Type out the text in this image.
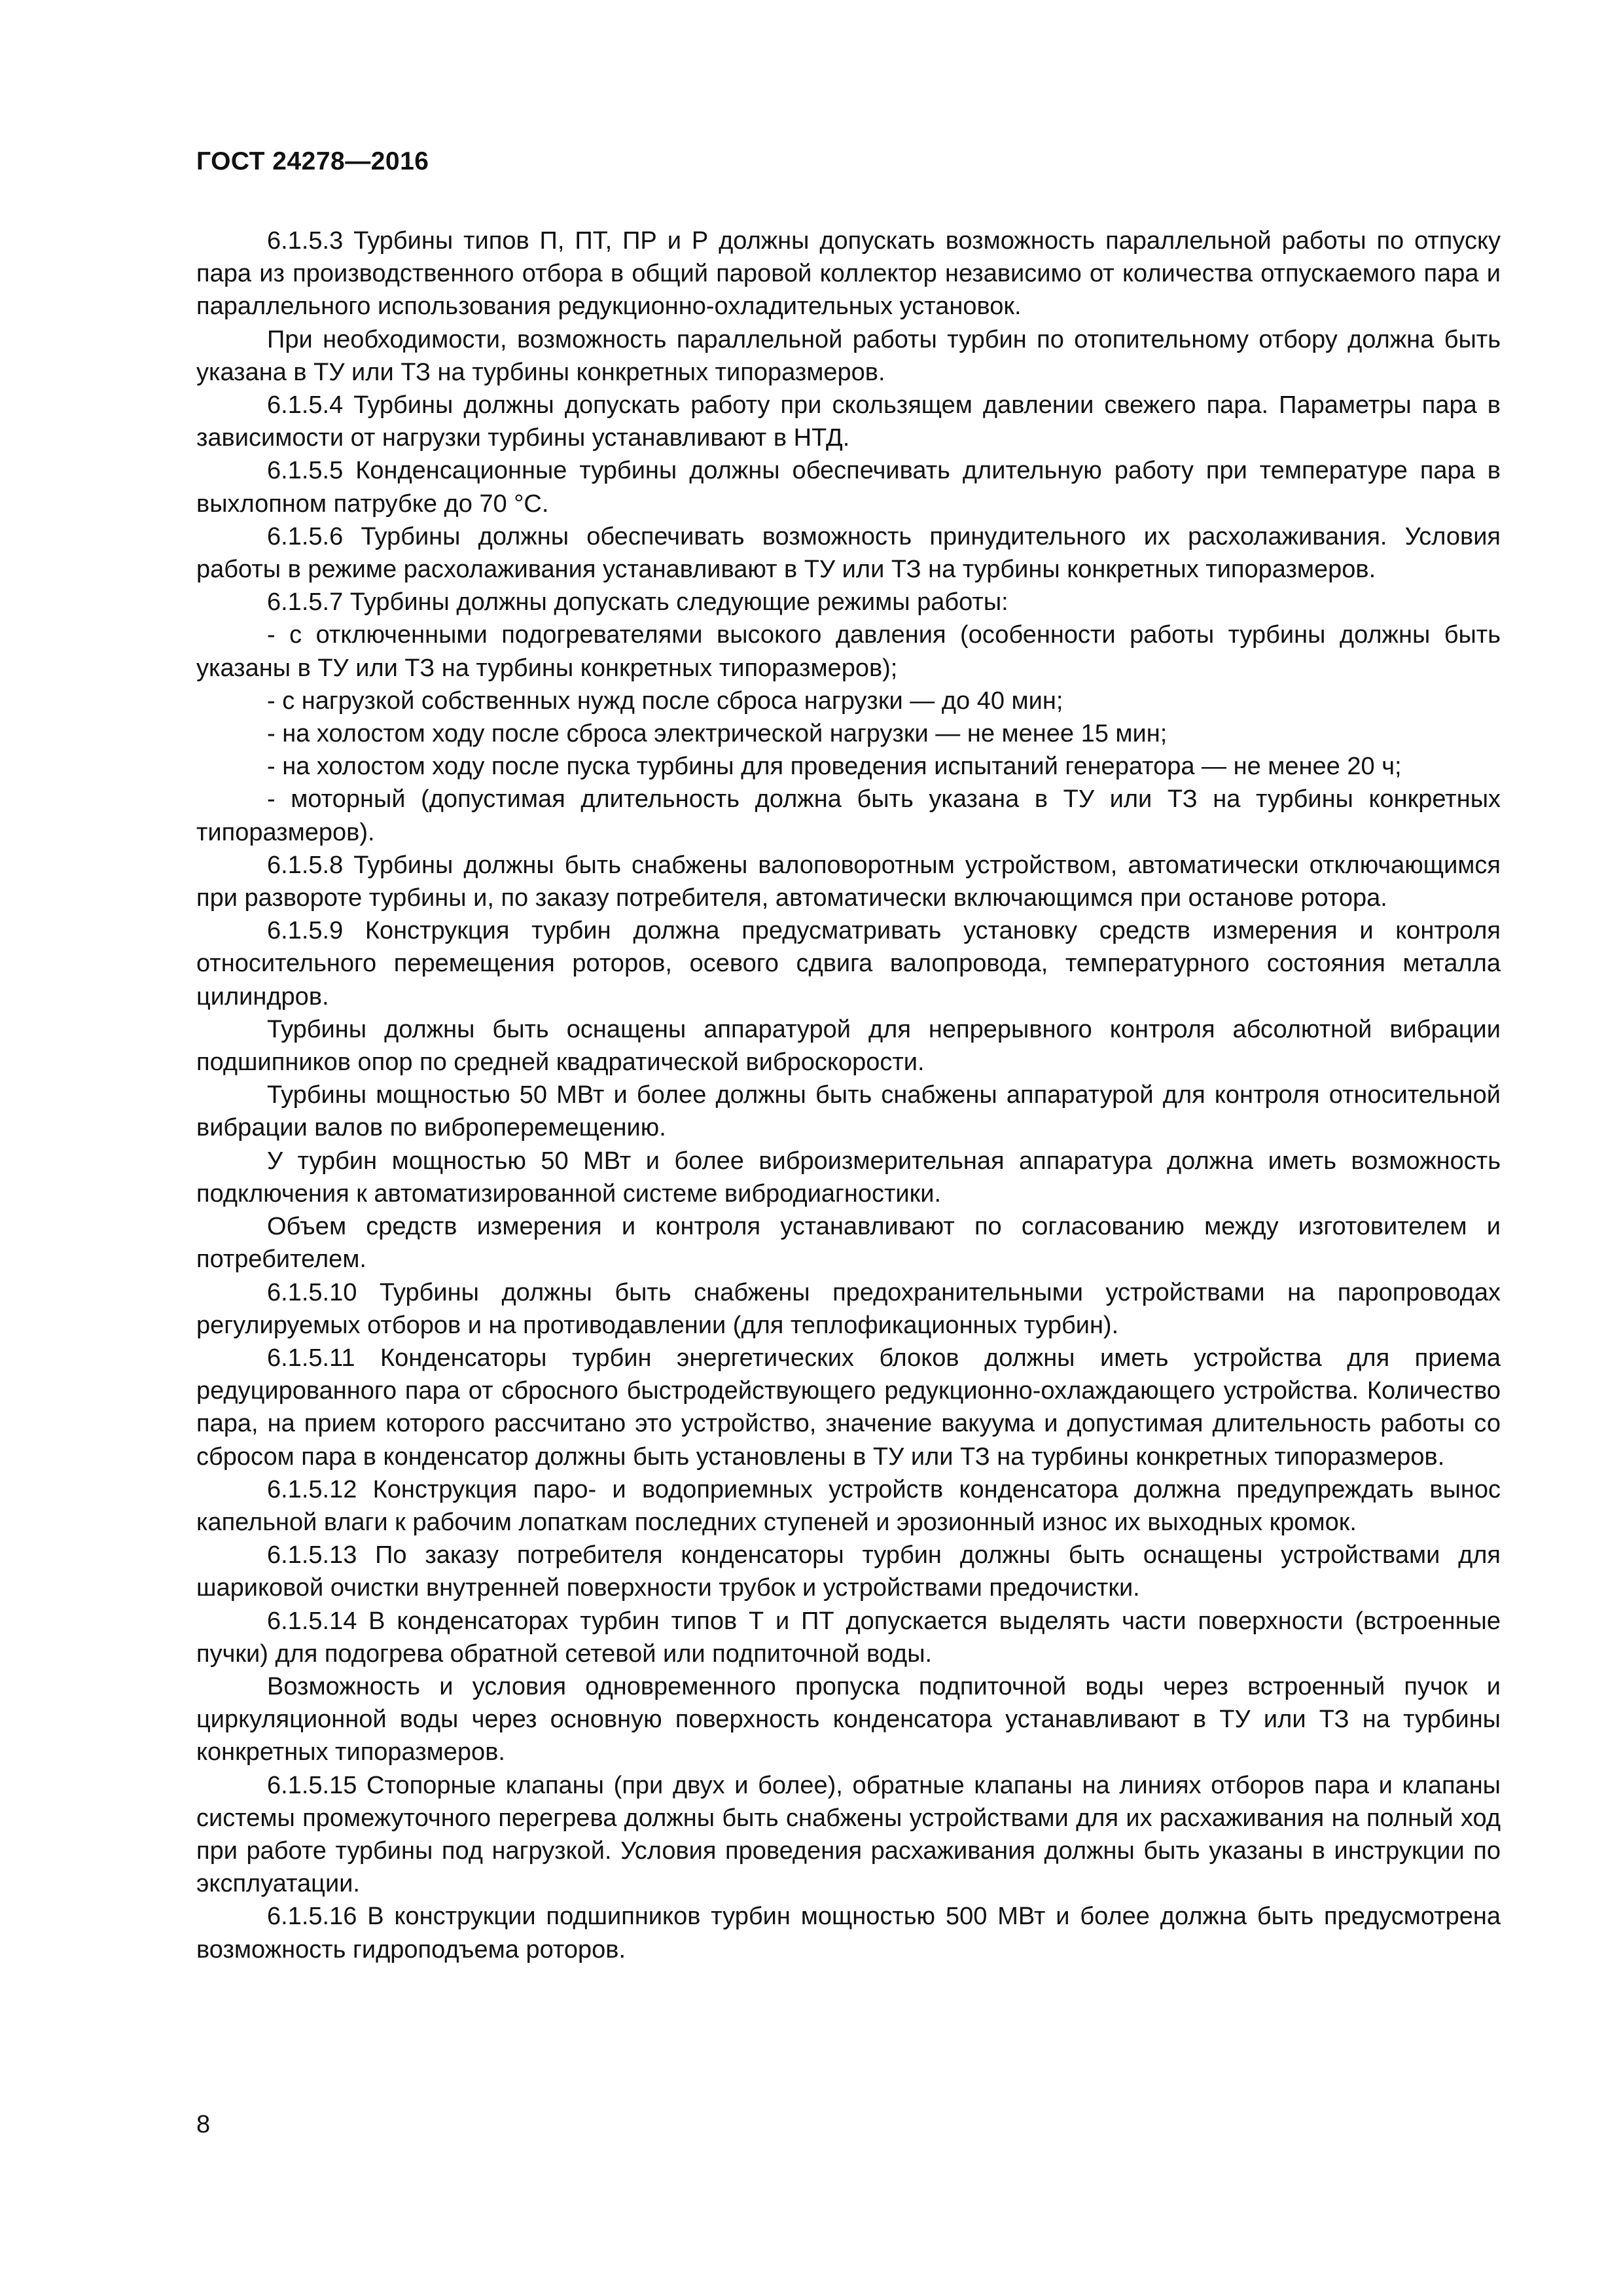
ГОСТ 24278—2016

6.1.5.3 Турбины типов П, ПТ, ПР и Р должны допускать возможность параллельной работы по отпуску пара из производственного отбора в общий паровой коллектор независимо от количества отпускаемого пара и параллельного использования редукционно-охладительных установок.

При необходимости, возможность параллельной работы турбин по отопительному отбору должна быть указана в ТУ или ТЗ на турбины конкретных типоразмеров.

6.1.5.4 Турбины должны допускать работу при скользящем давлении свежего пара. Параметры пара в зависимости от нагрузки турбины устанавливают в НТД.

6.1.5.5 Конденсационные турбины должны обеспечивать длительную работу при температуре пара в выхлопном патрубке до 70 °С.

6.1.5.6 Турбины должны обеспечивать возможность принудительного их расхолаживания. Условия работы в режиме расхолаживания устанавливают в ТУ или ТЗ на турбины конкретных типоразмеров.

6.1.5.7 Турбины должны допускать следующие режимы работы:

- с отключенными подогревателями высокого давления (особенности работы турбины должны быть указаны в ТУ или ТЗ на турбины конкретных типоразмеров);

- с нагрузкой собственных нужд после сброса нагрузки — до 40 мин;

- на холостом ходу после сброса электрической нагрузки — не менее 15 мин;

- на холостом ходу после пуска турбины для проведения испытаний генератора — не менее 20 ч;

- моторный (допустимая длительность должна быть указана в ТУ или ТЗ на турбины конкретных типоразмеров).

6.1.5.8 Турбины должны быть снабжены валоповоротным устройством, автоматически отключающимся при развороте турбины и, по заказу потребителя, автоматически включающимся при останове ротора.

6.1.5.9 Конструкция турбин должна предусматривать установку средств измерения и контроля относительного перемещения роторов, осевого сдвига валопровода, температурного состояния металла цилиндров.

Турбины должны быть оснащены аппаратурой для непрерывного контроля абсолютной вибрации подшипников опор по средней квадратической виброскорости.

Турбины мощностью 50 МВт и более должны быть снабжены аппаратурой для контроля относительной вибрации валов по виброперемещению.

У турбин мощностью 50 МВт и более виброизмерительная аппаратура должна иметь возможность подключения к автоматизированной системе вибродиагностики.

Объем средств измерения и контроля устанавливают по согласованию между изготовителем и потребителем.

6.1.5.10 Турбины должны быть снабжены предохранительными устройствами на паропроводах регулируемых отборов и на противодавлении (для теплофикационных турбин).

6.1.5.11 Конденсаторы турбин энергетических блоков должны иметь устройства для приема редуцированного пара от сбросного быстродействующего редукционно-охлаждающего устройства. Количество пара, на прием которого рассчитано это устройство, значение вакуума и допустимая длительность работы со сбросом пара в конденсатор должны быть установлены в ТУ или ТЗ на турбины конкретных типоразмеров.

6.1.5.12 Конструкция паро- и водоприемных устройств конденсатора должна предупреждать вынос капельной влаги к рабочим лопаткам последних ступеней и эрозионный износ их выходных кромок.

6.1.5.13 По заказу потребителя конденсаторы турбин должны быть оснащены устройствами для шариковой очистки внутренней поверхности трубок и устройствами предочистки.

6.1.5.14 В конденсаторах турбин типов Т и ПТ допускается выделять части поверхности (встроенные пучки) для подогрева обратной сетевой или подпиточной воды.

Возможность и условия одновременного пропуска подпиточной воды через встроенный пучок и циркуляционной воды через основную поверхность конденсатора устанавливают в ТУ или ТЗ на турбины конкретных типоразмеров.

6.1.5.15 Стопорные клапаны (при двух и более), обратные клапаны на линиях отборов пара и клапаны системы промежуточного перегрева должны быть снабжены устройствами для их расхаживания на полный ход при работе турбины под нагрузкой. Условия проведения расхаживания должны быть указаны в инструкции по эксплуатации.

6.1.5.16 В конструкции подшипников турбин мощностью 500 МВт и более должна быть предусмотрена возможность гидроподъема роторов.

8
